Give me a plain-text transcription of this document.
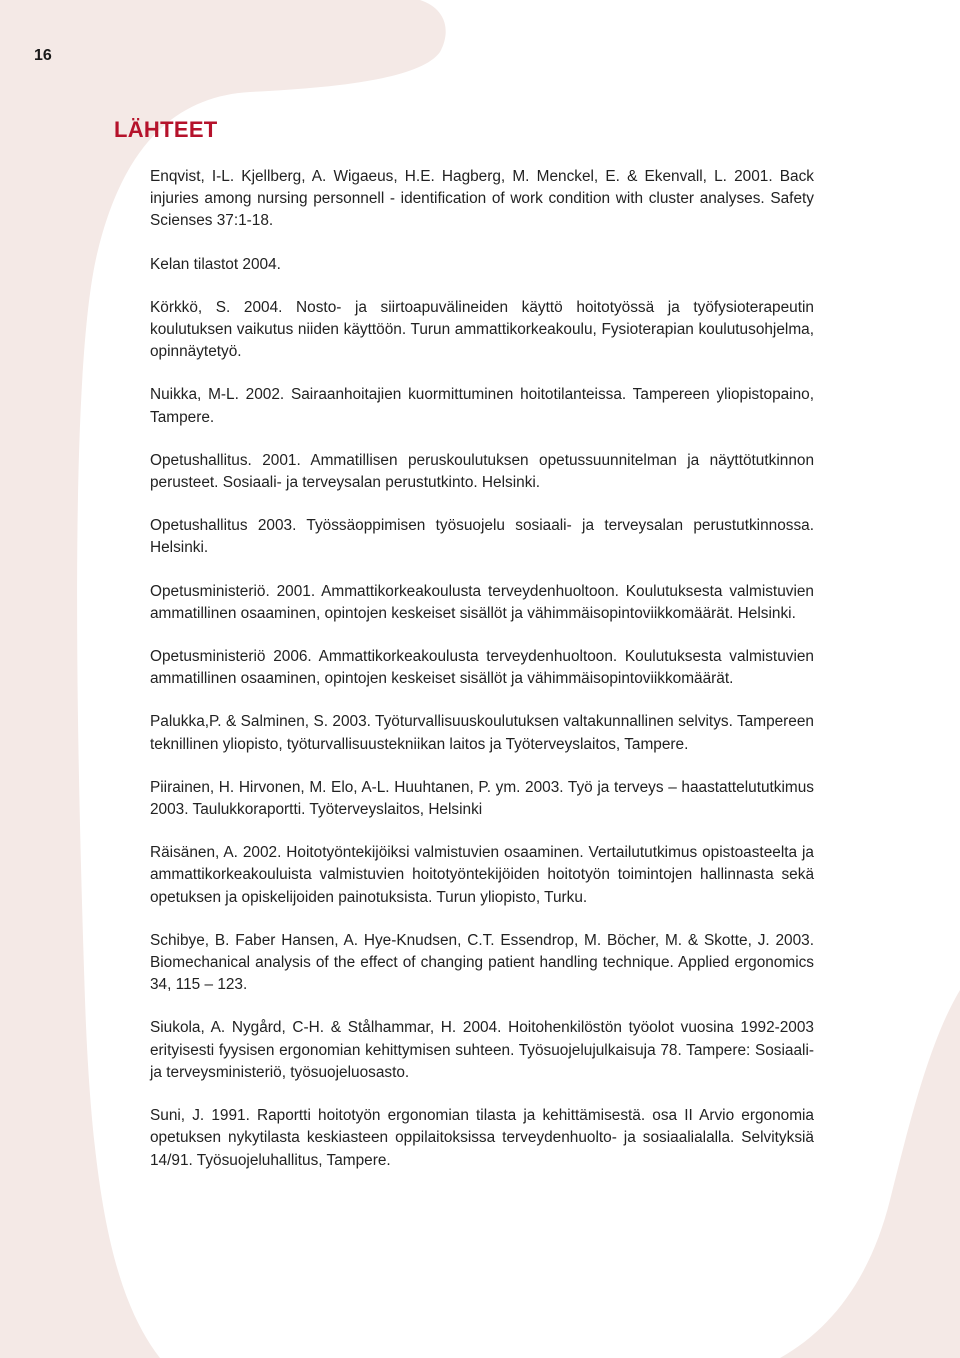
16
LÄHTEET

Enqvist, I-L. Kjellberg, A. Wigaeus, H.E. Hagberg, M. Menckel, E. & Ekenvall, L. 2001. Back injuries among nursing personnell - identification of work condition with cluster analyses. Safety Scienses 37:1-18.

Kelan tilastot 2004.

Körkkö, S. 2004. Nosto- ja siirtoapuvälineiden käyttö hoitotyössä ja työfysioterapeutin koulutuksen vaikutus niiden käyttöön. Turun ammattikorkeakoulu, Fysioterapian koulutusohjelma, opinnäytetyö.

Nuikka, M-L. 2002. Sairaanhoitajien kuormittuminen hoitotilanteissa. Tampereen yliopistopaino, Tampere.

Opetushallitus. 2001. Ammatillisen peruskoulutuksen opetussuunnitelman ja näyttötutkinnon perusteet. Sosiaali- ja terveysalan perustutkinto. Helsinki.

Opetushallitus 2003. Työssäoppimisen työsuojelu sosiaali- ja terveysalan perustutkinnossa. Helsinki.

Opetusministeriö. 2001. Ammattikorkeakoulusta terveydenhuoltoon. Koulutuksesta valmistuvien ammatillinen osaaminen, opintojen keskeiset sisällöt ja vähimmäisopintoviikkomäärät. Helsinki.

Opetusministeriö 2006. Ammattikorkeakoulusta terveydenhuoltoon. Koulutuksesta valmistuvien ammatillinen osaaminen, opintojen keskeiset sisällöt ja vähimmäisopintoviikkomäärät.

Palukka,P. & Salminen, S. 2003. Työturvallisuuskoulutuksen valtakunnallinen selvitys. Tampereen teknillinen yliopisto, työturvallisuustekniikan laitos ja Työterveyslaitos, Tampere.

Piirainen, H. Hirvonen, M. Elo, A-L. Huuhtanen, P. ym. 2003. Työ ja terveys – haastattelututkimus 2003. Taulukkoraportti. Työterveyslaitos, Helsinki

Räisänen, A. 2002. Hoitotyöntekijöiksi valmistuvien osaaminen. Vertailututkimus opistoasteelta ja ammattikorkeakouluista valmistuvien hoitotyöntekijöiden hoitotyön toimintojen hallinnasta sekä opetuksen ja opiskelijoiden painotuksista. Turun yliopisto, Turku.

Schibye, B. Faber Hansen, A. Hye-Knudsen, C.T. Essendrop, M. Böcher, M. & Skotte, J. 2003. Biomechanical analysis of the effect of changing patient handling technique. Applied ergonomics 34, 115 – 123.

Siukola, A. Nygård, C-H. & Stålhammar, H. 2004. Hoitohenkilöstön työolot vuosina 1992-2003 erityisesti fyysisen ergonomian kehittymisen suhteen. Työsuojelujulkaisuja 78. Tampere: Sosiaali- ja terveysministeriö, työsuojeluosasto.

Suni, J. 1991. Raportti hoitotyön ergonomian tilasta ja kehittämisestä. osa II Arvio ergonomia opetuksen nykytilasta keskiasteen oppilaitoksissa terveydenhuolto- ja sosiaalialalla. Selvityksiä 14/91. Työsuojeluhallitus, Tampere.
